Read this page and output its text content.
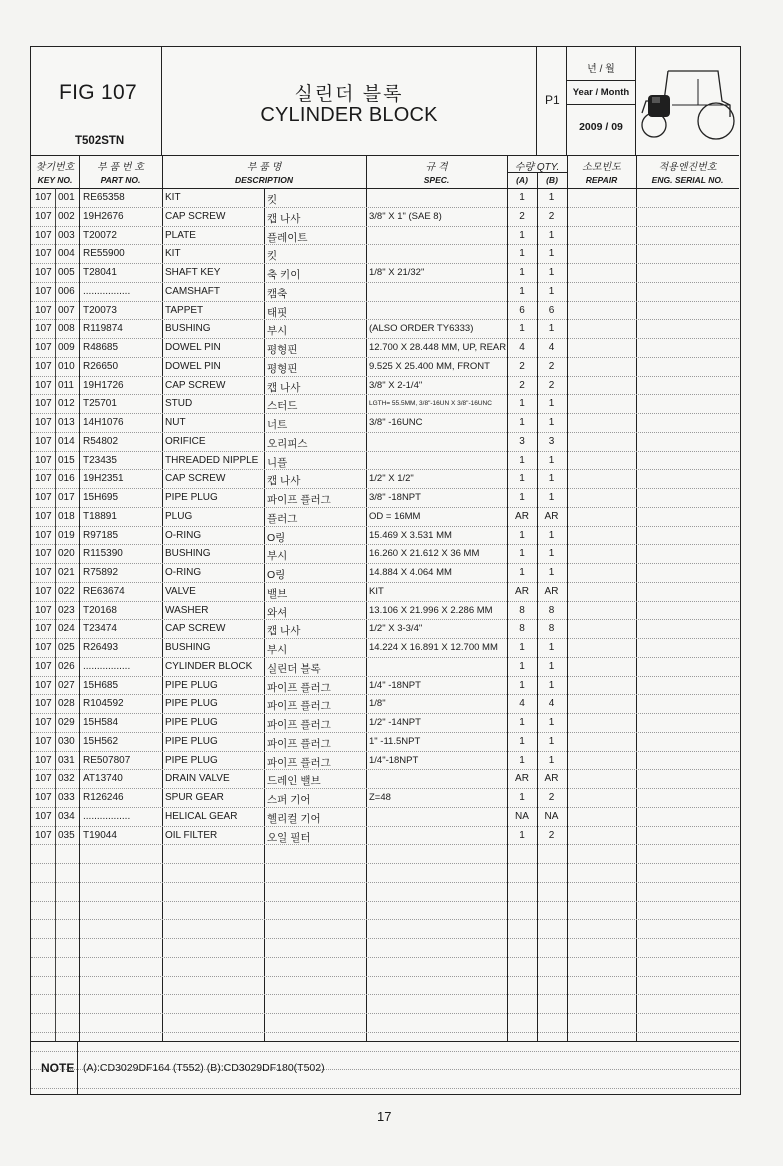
FIG 107
T502STN
실린더 블록
CYLINDER BLOCK
P1
년 / 월
Year / Month
2009 / 09
찾기번호
KEY NO.
부 품 번 호
PART NO.
부 품 명
DESCRIPTION
규 격
SPEC.
수량 QTY.
(A)	(B)
소모빈도
REPAIR
적용엔진번호
ENG. SERIAL NO.
107 001 RE65358	KIT	킷	1	1
107 002 19H2676	CAP SCREW	캡 나사	3/8" X 1" (SAE 8)	2	2
107 003 T20072	PLATE	플레이트	1	1
107 004 RE55900	KIT	킷	1	1
107 005 T28041	SHAFT KEY	축 키이	1/8" X 21/32"	1	1
107 006 .................	CAMSHAFT	캠축	1	1
107 007 T20073	TAPPET	태핏	6	6
107 008 R119874	BUSHING	부시	(ALSO ORDER TY6333)	1	1
107 009 R48685	DOWEL PIN	평형핀	12.700 X 28.448 MM, UP, REAR	4	4
107 010 R26650	DOWEL PIN	평형핀	9.525 X 25.400 MM, FRONT	2	2
107 011 19H1726	CAP SCREW	캡 나사	3/8" X 2-1/4"	2	2
107 012 T25701	STUD	스터드	LGTH= 55.5MM, 3/8"-16UN X 3/8"-16UNC	1	1
107 013 14H1076	NUT	너트	3/8" -16UNC	1	1
107 014 R54802	ORIFICE	오리피스	3	3
107 015 T23435	THREADED NIPPLE 니플	1	1
107 016 19H2351	CAP SCREW	캡 나사	1/2" X 1/2"	1	1
107 017 15H695	PIPE PLUG	파이프 플러그	3/8" -18NPT	1	1
107 018 T18891	PLUG	플러그	OD = 16MM	AR	AR
107 019 R97185	O-RING	O링	15.469 X 3.531 MM	1	1
107 020 R115390	BUSHING	부시	16.260 X 21.612 X 36 MM	1	1
107 021 R75892	O-RING	O링	14.884 X 4.064 MM	1	1
107 022 RE63674	VALVE	밸브	KIT	AR	AR
107 023 T20168	WASHER	와셔	13.106 X 21.996 X 2.286 MM	8	8
107 024 T23474	CAP SCREW	캡 나사	1/2" X 3-3/4"	8	8
107 025 R26493	BUSHING	부시	14.224 X 16.891 X 12.700 MM	1	1
107 026 .................	CYLINDER BLOCK 실린더 블록	1	1
107 027 15H685	PIPE PLUG	파이프 플러그	1/4" -18NPT	1	1
107 028 R104592	PIPE PLUG	파이프 플러그	1/8"	4	4
107 029 15H584	PIPE PLUG	파이프 플러그	1/2" -14NPT	1	1
107 030 15H562	PIPE PLUG	파이프 플러그	1" -11.5NPT	1	1
107 031 RE507807	PIPE PLUG	파이프 플러그	1/4"-18NPT	1	1
107 032 AT13740	DRAIN VALVE	드레인 밸브	AR	AR
107 033 R126246	SPUR GEAR	스퍼 기어	Z=48	1	2
107 034 .................	HELICAL GEAR	헬리컬 기어	NA	NA
107 035 T19044	OIL FILTER	오일 필터	1	2
NOTE (A):CD3029DF164 (T552) (B):CD3029DF180(T502)
17
